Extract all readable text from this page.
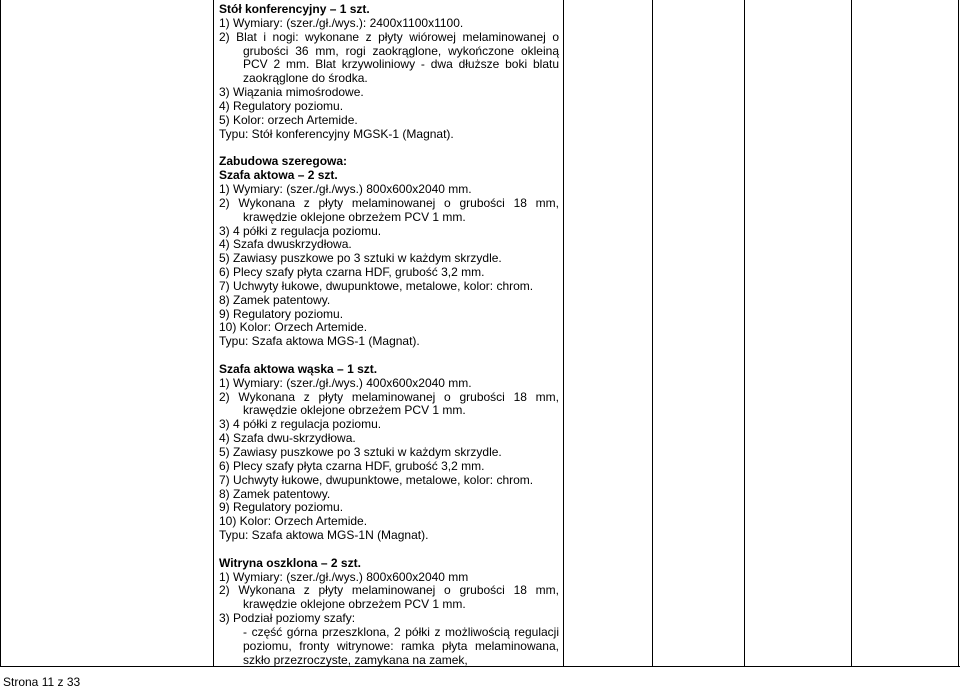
Stół konferencyjny – 1 szt.

1) Wymiary: (szer./gł./wys.): 2400x1100x1100.

2) Blat i nogi: wykonane z płyty wiórowej melaminowanej o

grubości 36 mm, rogi zaokrąglone, wykończone okleiną

PCV 2 mm. Blat krzywoliniowy - dwa dłuższe boki blatu

zaokrąglone do środka.

3) Wiązania mimośrodowe.

4) Regulatory poziomu.

5) Kolor: orzech Artemide.

Typu: Stół konferencyjny MGSK-1 (Magnat).

Zabudowa szeregowa:

Szafa aktowa – 2 szt.

1) Wymiary: (szer./gł./wys.) 800x600x2040 mm.

2) Wykonana z płyty melaminowanej o grubości 18 mm,

krawędzie oklejone obrzeżem PCV 1 mm.

3) 4 półki z regulacja poziomu.

4) Szafa dwuskrzydłowa.

5) Zawiasy puszkowe po 3 sztuki w każdym skrzydle.

6) Plecy szafy płyta czarna HDF, grubość 3,2 mm.

7) Uchwyty łukowe, dwupunktowe, metalowe, kolor: chrom.

8) Zamek patentowy.

9) Regulatory poziomu.

10) Kolor: Orzech Artemide.

Typu: Szafa aktowa MGS-1 (Magnat).

Szafa aktowa wąska – 1 szt.

1) Wymiary: (szer./gł./wys.) 400x600x2040 mm.

2) Wykonana z płyty melaminowanej o grubości 18 mm,

krawędzie oklejone obrzeżem PCV 1 mm.

3) 4 półki z regulacja poziomu.

4) Szafa dwu-skrzydłowa.

5) Zawiasy puszkowe po 3 sztuki w każdym skrzydle.

6) Plecy szafy płyta czarna HDF, grubość 3,2 mm.

7) Uchwyty łukowe, dwupunktowe, metalowe, kolor: chrom.

8) Zamek patentowy.

9) Regulatory poziomu.

10) Kolor: Orzech Artemide.

Typu: Szafa aktowa MGS-1N (Magnat).

Witryna oszklona – 2 szt.

1) Wymiary: (szer./gł./wys.) 800x600x2040 mm

2) Wykonana z płyty melaminowanej o grubości 18 mm,

krawędzie oklejone obrzeżem PCV 1 mm.

3) Podział poziomy szafy:

- część górna przeszklona, 2 półki z możliwością regulacji

poziomu, fronty witrynowe: ramka płyta melaminowana,

szkło przezroczyste, zamykana na zamek,

Strona 11 z 33
